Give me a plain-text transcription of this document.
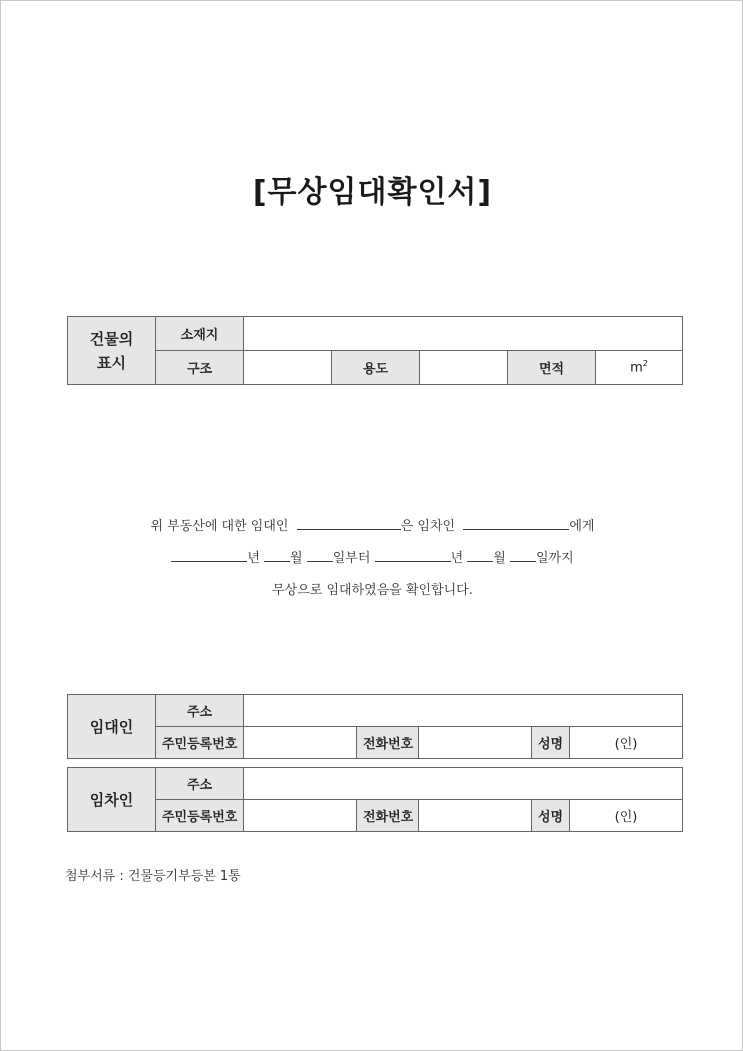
[무상임대확인서]
건물의
표시	소재지					
	구조		용도		면적	$m^2$
위 부동산에 대한 임대인	은 임차인	에게
년 월 일부터	년 월 일까지
무상으로 임대하였음을 확인합니다.
임대인	주소					
	주민등록번호		전화번호		성명	(인)
임차인	주소					
	주민등록번호		전화번호		성명	(인)
첨부서류 : 건물등기부등본 1통
